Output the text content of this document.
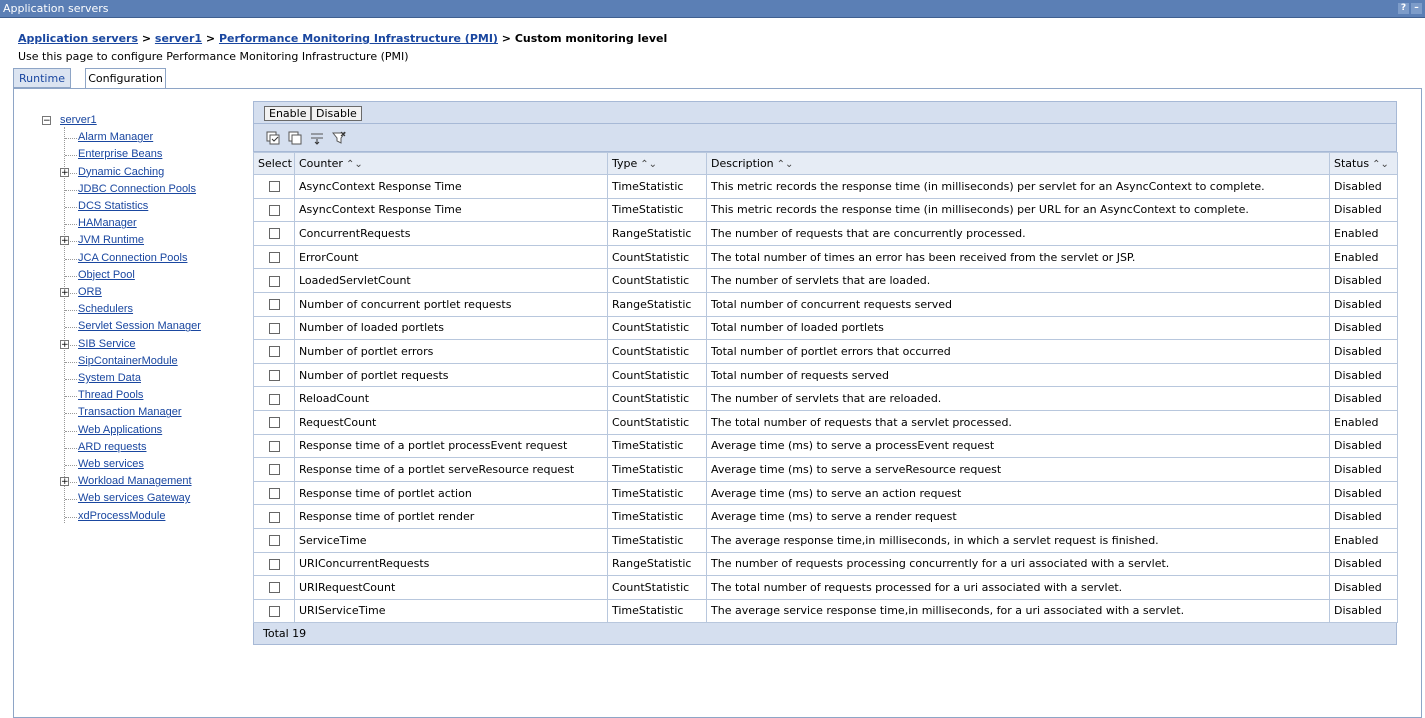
Application servers	? –
Application servers > server1 > Performance Monitoring Infrastructure (PMI) > Custom monitoring level
Use this page to configure Performance Monitoring Infrastructure (PMI)
Runtime	Configuration
− server1
Alarm Manager
Enterprise Beans
+ Dynamic Caching
JDBC Connection Pools
DCS Statistics
HAManager
+ JVM Runtime
JCA Connection Pools
Object Pool
+ ORB
Schedulers
Servlet Session Manager
+ SIB Service
SipContainerModule
System Data
Thread Pools
Transaction Manager
Web Applications
ARD requests
Web services
+ Workload Management
Web services Gateway
xdProcessModule
Enable Disable
Select	Counter ⌃⌄	Type ⌃⌄	Description ⌃⌄	Status ⌃⌄
	AsyncContext Response Time	TimeStatistic	This metric records the response time (in milliseconds) per servlet for an AsyncContext to complete.	Disabled
	AsyncContext Response Time	TimeStatistic	This metric records the response time (in milliseconds) per URL for an AsyncContext to complete.	Disabled
	ConcurrentRequests	RangeStatistic	The number of requests that are concurrently processed.	Enabled
	ErrorCount	CountStatistic	The total number of times an error has been received from the servlet or JSP.	Enabled
	LoadedServletCount	CountStatistic	The number of servlets that are loaded.	Disabled
	Number of concurrent portlet requests	RangeStatistic	Total number of concurrent requests served	Disabled
	Number of loaded portlets	CountStatistic	Total number of loaded portlets	Disabled
	Number of portlet errors	CountStatistic	Total number of portlet errors that occurred	Disabled
	Number of portlet requests	CountStatistic	Total number of requests served	Disabled
	ReloadCount	CountStatistic	The number of servlets that are reloaded.	Disabled
	RequestCount	CountStatistic	The total number of requests that a servlet processed.	Enabled
	Response time of a portlet processEvent request	TimeStatistic	Average time (ms) to serve a processEvent request	Disabled
	Response time of a portlet serveResource request	TimeStatistic	Average time (ms) to serve a serveResource request	Disabled
	Response time of portlet action	TimeStatistic	Average time (ms) to serve an action request	Disabled
	Response time of portlet render	TimeStatistic	Average time (ms) to serve a render request	Disabled
	ServiceTime	TimeStatistic	The average response time,in milliseconds, in which a servlet request is finished.	Enabled
	URIConcurrentRequests	RangeStatistic	The number of requests processing concurrently for a uri associated with a servlet.	Disabled
	URIRequestCount	CountStatistic	The total number of requests processed for a uri associated with a servlet.	Disabled
	URIServiceTime	TimeStatistic	The average service response time,in milliseconds, for a uri associated with a servlet.	Disabled
Total 19
